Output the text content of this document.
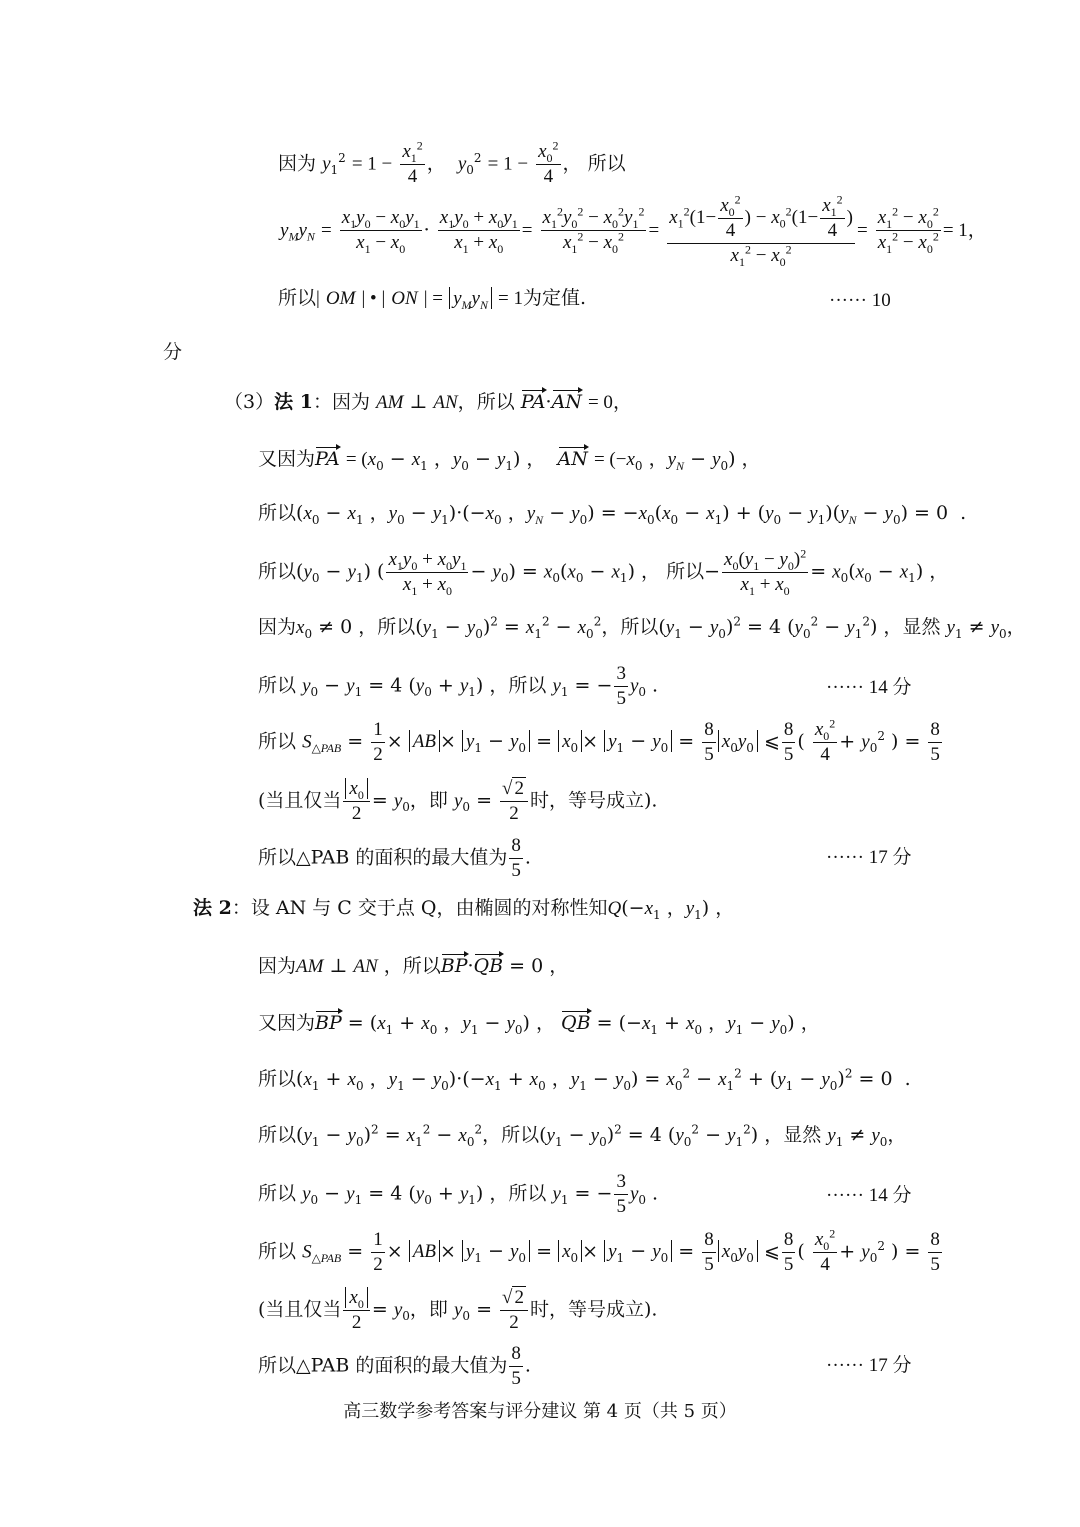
因为 $y_1^2 = 1 - \frac{x_1^2}{4}$ ，  $y_0^2 = 1 - \frac{x_0^2}{4}$ ， 所以
$y_My_N = \frac{x_1y_0 - x_0y_1}{x_1 - x_0} \cdot \frac{x_1y_0 + x_0y_1}{x_1 + x_0} = \frac{x_1^2y_0^2 - x_0^2y_1^2}{x_1^2 - x_0^2} = \frac{x_1^2(1- \frac{x_0^2}{4} ) - x_0^2(1- \frac{x_1^2}{4} )}{x_1^2 - x_0^2} = \frac{x_1^2 - x_0^2}{x_1^2 - x_0^2} = 1$，
所以| OM | • | ON | = $y_My_N = 1$为定值.	······ 10
分
（3）法 1：因为 AM ⊥ AN，所以 PA·AN = 0，
又因为PA = ($x_0 - x_1$ ，$y_0 - y_1$) ，  AN = ($-x_0$ ，$y_N - y_0$) ，
所以($x_0 - x_1$ ，$y_0 - y_1)\cdot(-x_0$ ，$y_N - y_0) = -x_0(x_0 - x_1) + (y_0 - y_1)(y_N - y_0) = 0$  .
所以$(y_0 - y_1)$ ( $\frac{x_1y_0 + x_0y_1}{x_1 + x_0} - y_0) = x_0(x_0 - x_1)$ ， 所以− $\frac{x_0(y_1 - y_0)^2}{x_1 + x_0} = x_0(x_0 - x_1)$ ，
因为$x_0 \ne 0$ ，所以$(y_1 - y_0)^2 = x_1^2 - x_0^2$，所以$(y_1 - y_0)^2 = 4$ $(y_0^2 - y_1^2)$ ，显然 $y_1 \ne y_0$，
所以 $y_0 - y_1 = 4$ $(y_0 + y_1)$ ，所以 $y_1$ = − $\frac{3}{5} y_0$ .	······ 14 分
所以 $S_{\triangle PAB} = \frac{1}{2}$ × AB × $y_1 - y_0 = x_0 \times y_1 - y_0 = \frac{8}{5} x_0y_0$ ⩽ $\frac{8}{5}$ ( $\frac{x_0^2}{4} + y_0^2$ ) = $\frac{8}{5}$
(当且仅当 $\frac{x_0}{2} = y_0$，即 $y_0 = \frac{√ 2}{2}$ 时，等号成立).
所以△PAB 的面积的最大值为 $\frac{8}{5}$ .	······ 17 分
法 2：设 AN 与 C 交于点 Q，由椭圆的对称性知$Q(-x_1$ ，$y_1$) ，
因为AM ⊥ AN ，所以BP·QB = 0 ，
又因为BP = ($x_1 + x_0$ ，$y_1 - y_0$) ， QB = ($-x_1 + x_0$ ，$y_1 - y_0$) ，
所以($x_1 + x_0$ ，$y_1 - y_0)\cdot(-x_1 + x_0$ ，$y_1 - y_0) = x_0^2 - x_1^2 + (y_1 - y_0)^2 = 0$  .
所以$(y_1 - y_0)^2 = x_1^2 - x_0^2$，所以$(y_1 - y_0)^2 = 4$ $(y_0^2 - y_1^2)$ ，显然 $y_1 \ne y_0$，
所以 $y_0 - y_1 = 4$ $(y_0 + y_1)$ ，所以 $y_1$ = − $\frac{3}{5} y_0$ .	······ 14 分
所以 $S_{\triangle PAB} = \frac{1}{2}$ × AB × $y_1 - y_0 = x_0 \times y_1 - y_0 = \frac{8}{5} x_0y_0$ ⩽ $\frac{8}{5}$ ( $\frac{x_0^2}{4} + y_0^2$ ) = $\frac{8}{5}$
(当且仅当 $\frac{x_0}{2} = y_0$，即 $y_0 = \frac{√ 2}{2}$ 时，等号成立).
所以△PAB 的面积的最大值为 $\frac{8}{5}$ .	······ 17 分
高三数学参考答案与评分建议 第 4 页（共 5 页）
